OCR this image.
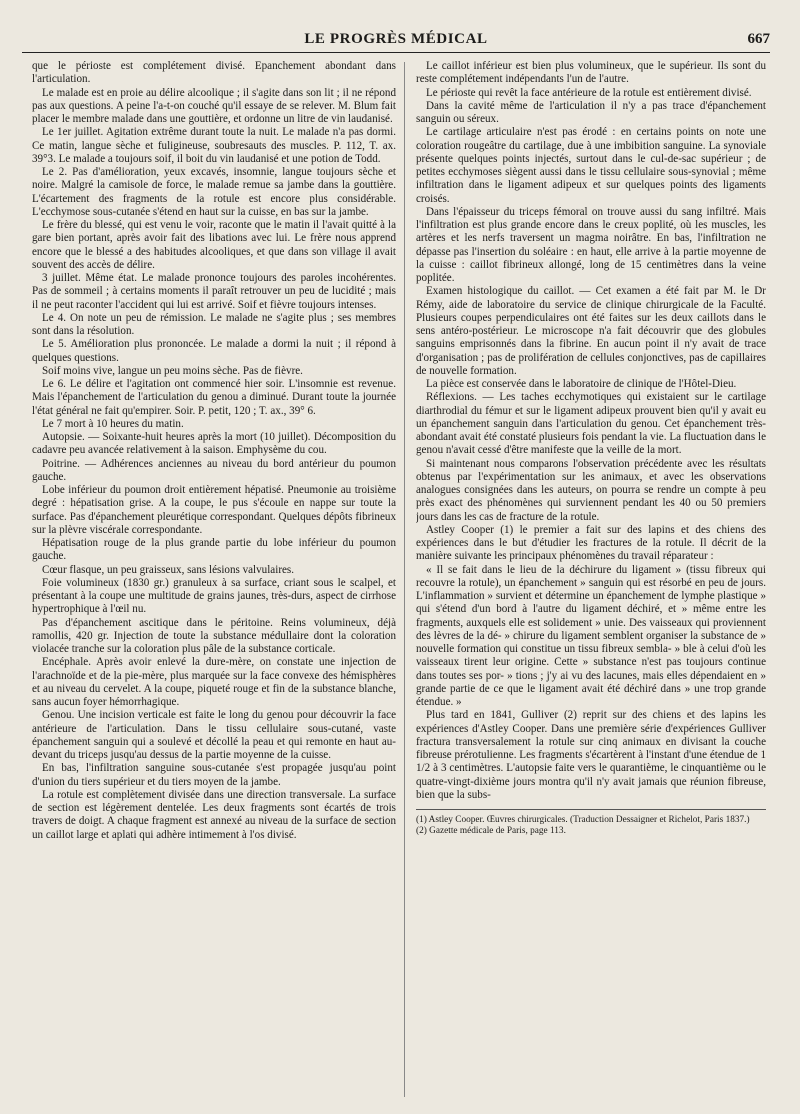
LE PROGRÈS MÉDICAL	667

que le périoste est complétement divisé. Epanchement abondant dans l'articulation.

Le malade est en proie au délire alcoolique ; il s'agite dans son lit ; il ne répond pas aux questions. A peine l'a-t-on couché qu'il essaye de se relever. M. Blum fait placer le membre malade dans une gouttière, et ordonne un litre de vin laudanisé.

Le 1er juillet. Agitation extrême durant toute la nuit. Le malade n'a pas dormi. Ce matin, langue sèche et fuligineuse, soubresauts des muscles. P. 112, T. ax. 39°3. Le malade a toujours soif, il boit du vin laudanisé et une potion de Todd.

Le 2. Pas d'amélioration, yeux excavés, insomnie, langue toujours sèche et noire. Malgré la camisole de force, le malade remue sa jambe dans la gouttière. L'écartement des fragments de la rotule est encore plus considérable. L'ecchymose sous-cutanée s'étend en haut sur la cuisse, en bas sur la jambe.

Le frère du blessé, qui est venu le voir, raconte que le matin il l'avait quitté à la gare bien portant, après avoir fait des libations avec lui. Le frère nous apprend encore que le blessé a des habitudes alcooliques, et que dans son village il avait souvent des accès de délire.

3 juillet. Même état. Le malade prononce toujours des paroles incohérentes. Pas de sommeil ; à certains moments il paraît retrouver un peu de lucidité ; mais il ne peut raconter l'accident qui lui est arrivé. Soif et fièvre toujours intenses.

Le 4. On note un peu de rémission. Le malade ne s'agite plus ; ses membres sont dans la résolution.

Le 5. Amélioration plus prononcée. Le malade a dormi la nuit ; il répond à quelques questions.

Soif moins vive, langue un peu moins sèche. Pas de fièvre.

Le 6. Le délire et l'agitation ont commencé hier soir. L'insomnie est revenue. Mais l'épanchement de l'articulation du genou a diminué. Durant toute la journée l'état général ne fait qu'empirer. Soir. P. petit, 120 ; T. ax., 39° 6.

Le 7 mort à 10 heures du matin.

Autopsie. — Soixante-huit heures après la mort (10 juillet). Décomposition du cadavre peu avancée relativement à la saison. Emphysème du cou.

Poitrine. — Adhérences anciennes au niveau du bord antérieur du poumon gauche.

Lobe inférieur du poumon droit entièrement hépatisé. Pneumonie au troisième degré : hépatisation grise. A la coupe, le pus s'écoule en nappe sur toute la surface. Pas d'épanchement pleurétique correspondant. Quelques dépôts fibrineux sur la plèvre viscérale correspondante.

Hépatisation rouge de la plus grande partie du lobe inférieur du poumon gauche.

Cœur flasque, un peu graisseux, sans lésions valvulaires.

Foie volumineux (1830 gr.) granuleux à sa surface, criant sous le scalpel, et présentant à la coupe une multitude de grains jaunes, très-durs, aspect de cirrhose hypertrophique à l'œil nu.

Pas d'épanchement ascitique dans le péritoine. Reins volumineux, déjà ramollis, 420 gr. Injection de toute la substance médullaire dont la coloration violacée tranche sur la coloration plus pâle de la substance corticale.

Encéphale. Après avoir enlevé la dure-mère, on constate une injection de l'arachnoïde et de la pie-mère, plus marquée sur la face convexe des hémisphères et au niveau du cervelet. A la coupe, piqueté rouge et fin de la substance blanche, sans aucun foyer hémorrhagique.

Genou. Une incision verticale est faite le long du genou pour découvrir la face antérieure de l'articulation. Dans le tissu cellulaire sous-cutané, vaste épanchement sanguin qui a soulevé et décollé la peau et qui remonte en haut au-devant du triceps jusqu'au dessus de la partie moyenne de la cuisse.

En bas, l'infiltration sanguine sous-cutanée s'est propagée jusqu'au point d'union du tiers supérieur et du tiers moyen de la jambe.

La rotule est complètement divisée dans une direction transversale. La surface de section est légèrement dentelée. Les deux fragments sont écartés de trois travers de doigt. A chaque fragment est annexé au niveau de la surface de section un caillot large et aplati qui adhère intimement à l'os divisé.

Le caillot inférieur est bien plus volumineux, que le supérieur. Ils sont du reste complétement indépendants l'un de l'autre.

Le périoste qui revêt la face antérieure de la rotule est entièrement divisé.

Dans la cavité même de l'articulation il n'y a pas trace d'épanchement sanguin ou séreux.

Le cartilage articulaire n'est pas érodé : en certains points on note une coloration rougeâtre du cartilage, due à une imbibition sanguine. La synoviale présente quelques points injectés, surtout dans le cul-de-sac supérieur ; de petites ecchymoses siègent aussi dans le tissu cellulaire sous-synovial ; même infiltration dans le ligament adipeux et sur quelques points des ligaments croisés.

Dans l'épaisseur du triceps fémoral on trouve aussi du sang infiltré. Mais l'infiltration est plus grande encore dans le creux poplité, où les muscles, les artères et les nerfs traversent un magma noirâtre. En bas, l'infiltration ne dépasse pas l'insertion du soléaire : en haut, elle arrive à la partie moyenne de la cuisse : caillot fibrineux allongé, long de 15 centimètres dans la veine poplitée.

Examen histologique du caillot. — Cet examen a été fait par M. le Dr Rémy, aide de laboratoire du service de clinique chirurgicale de la Faculté. Plusieurs coupes perpendiculaires ont été faites sur les deux caillots dans le sens antéro-postérieur. Le microscope n'a fait découvrir que des globules sanguins emprisonnés dans la fibrine. En aucun point il n'y avait de trace d'organisation ; pas de prolifération de cellules conjonctives, pas de capillaires de nouvelle formation.

La pièce est conservée dans le laboratoire de clinique de l'Hôtel-Dieu.

Réflexions. — Les taches ecchymotiques qui existaient sur le cartilage diarthrodial du fémur et sur le ligament adipeux prouvent bien qu'il y avait eu un épanchement sanguin dans l'articulation du genou. Cet épanchement très-abondant avait été constaté plusieurs fois pendant la vie. La fluctuation dans le genou n'avait cessé d'être manifeste que la veille de la mort.

Si maintenant nous comparons l'observation précédente avec les résultats obtenus par l'expérimentation sur les animaux, et avec les observations analogues consignées dans les auteurs, on pourra se rendre un compte à peu près exact des phénomènes qui surviennent pendant les 40 ou 50 premiers jours dans les cas de fracture de la rotule.

Astley Cooper (1) le premier a fait sur des lapins et des chiens des expériences dans le but d'étudier les fractures de la rotule. Il décrit de la manière suivante les principaux phénomènes du travail réparateur :

« Il se fait dans le lieu de la déchirure du ligament » (tissu fibreux qui recouvre la rotule), un épanchement » sanguin qui est résorbé en peu de jours. L'inflammation » survient et détermine un épanchement de lymphe plastique » qui s'étend d'un bord à l'autre du ligament déchiré, et » même entre les fragments, auxquels elle est solidement » unie. Des vaisseaux qui proviennent des lèvres de la dé- » chirure du ligament semblent organiser la substance de » nouvelle formation qui constitue un tissu fibreux sembla- » ble à celui d'où les vaisseaux tirent leur origine. Cette » substance n'est pas toujours continue dans toutes ses por- » tions ; j'y ai vu des lacunes, mais elles dépendaient en » grande partie de ce que le ligament avait été déchiré dans » une trop grande étendue. »

Plus tard en 1841, Gulliver (2) reprit sur des chiens et des lapins les expériences d'Astley Cooper. Dans une première série d'expériences Gulliver fractura transversalement la rotule sur cinq animaux en divisant la couche fibreuse prérotulienne. Les fragments s'écartèrent à l'instant d'une étendue de 1 1/2 à 3 centimètres. L'autopsie faite vers le quarantième, le cinquantième ou le quatre-vingt-dixième jours montra qu'il n'y avait jamais que réunion fibreuse, bien que la subs-

(1) Astley Cooper. Œuvres chirurgicales. (Traduction Dessaigner et Richelot, Paris 1837.)

(2) Gazette médicale de Paris, page 113.
